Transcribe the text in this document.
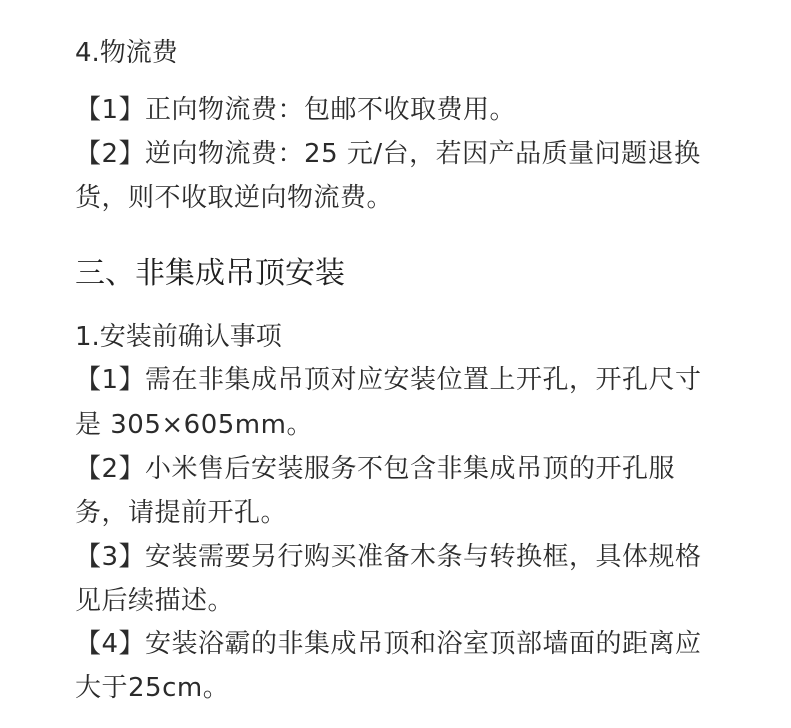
4.物流费
【1】正向物流费：包邮不收取费用。
【2】逆向物流费：25 元/台，若因产品质量问题退换
货，则不收取逆向物流费。
三、非集成吊顶安装
1.安装前确认事项
【1】需在非集成吊顶对应安装位置上开孔，开孔尺寸
是 305×605mm。
【2】小米售后安装服务不包含非集成吊顶的开孔服
务，请提前开孔。
【3】安装需要另行购买准备木条与转换框，具体规格
见后续描述。
【4】安装浴霸的非集成吊顶和浴室顶部墙面的距离应
大于25cm。
